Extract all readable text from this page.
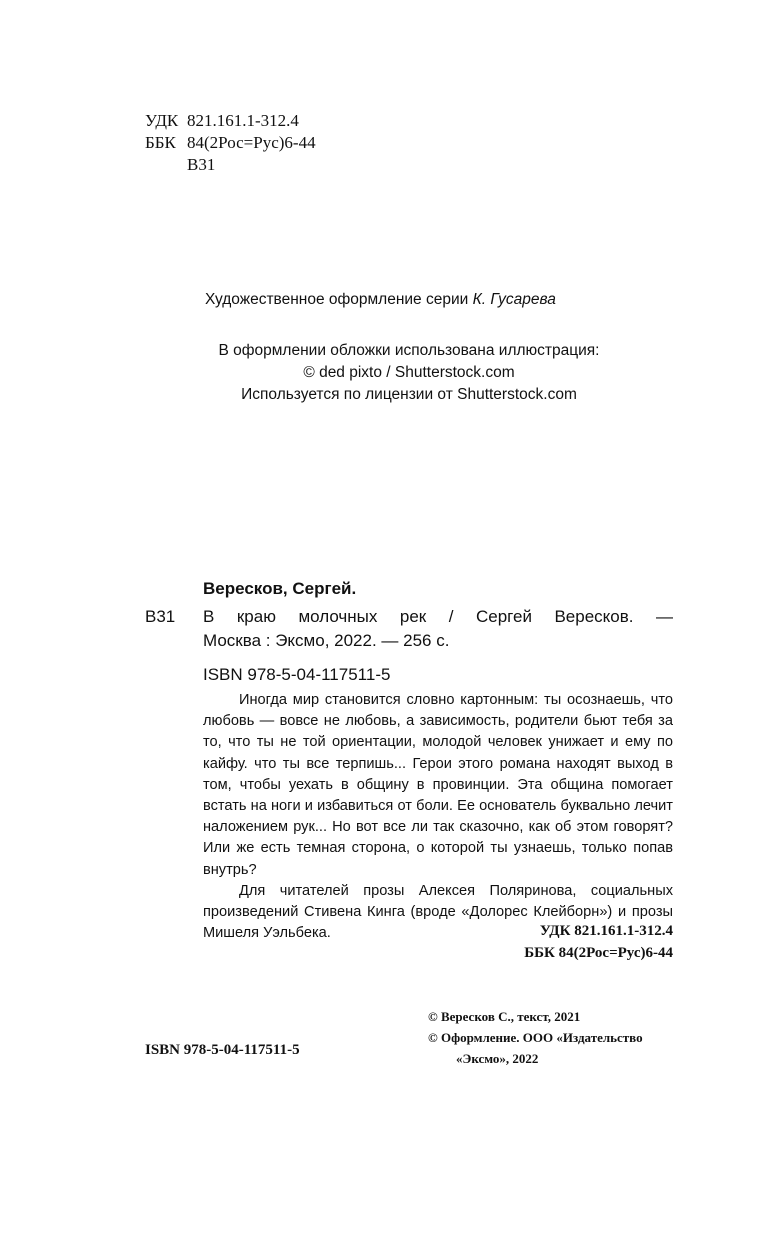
УДК 821.161.1-312.4
ББК 84(2Рос=Рус)6-44
В31
Художественное оформление серии К. Гусарева
В оформлении обложки использована иллюстрация:
© ded pixto / Shutterstock.com
Используется по лицензии от Shutterstock.com
Вересков, Сергей.
В31 В краю молочных рек / Сергей Вересков. —
Москва : Эксмо, 2022. — 256 с.
ISBN 978-5-04-117511-5

Иногда мир становится словно картонным: ты осознаешь, что любовь — вовсе не любовь, а зависимость, родители бьют тебя за то, что ты не той ориентации, молодой человек унижает и ему по кайфу. что ты все терпишь... Герои этого романа находят выход в том, чтобы уехать в общину в провинции. Эта община помогает встать на ноги и избавиться от боли. Ее основатель буквально лечит наложением рук... Но вот все ли так сказочно, как об этом говорят? Или же есть темная сторона, о которой ты узнаешь, только попав внутрь?

Для читателей прозы Алексея Поляринова, социальных произведений Стивена Кинга (вроде «Долорес Клейборн») и прозы Мишеля Уэльбека.	УДК 821.161.1-312.4
ББК 84(2Рос=Рус)6-44
ISBN 978-5-04-117511-5
© Вересков С., текст, 2021
© Оформление. ООО «Издательство
«Эксмо», 2022
